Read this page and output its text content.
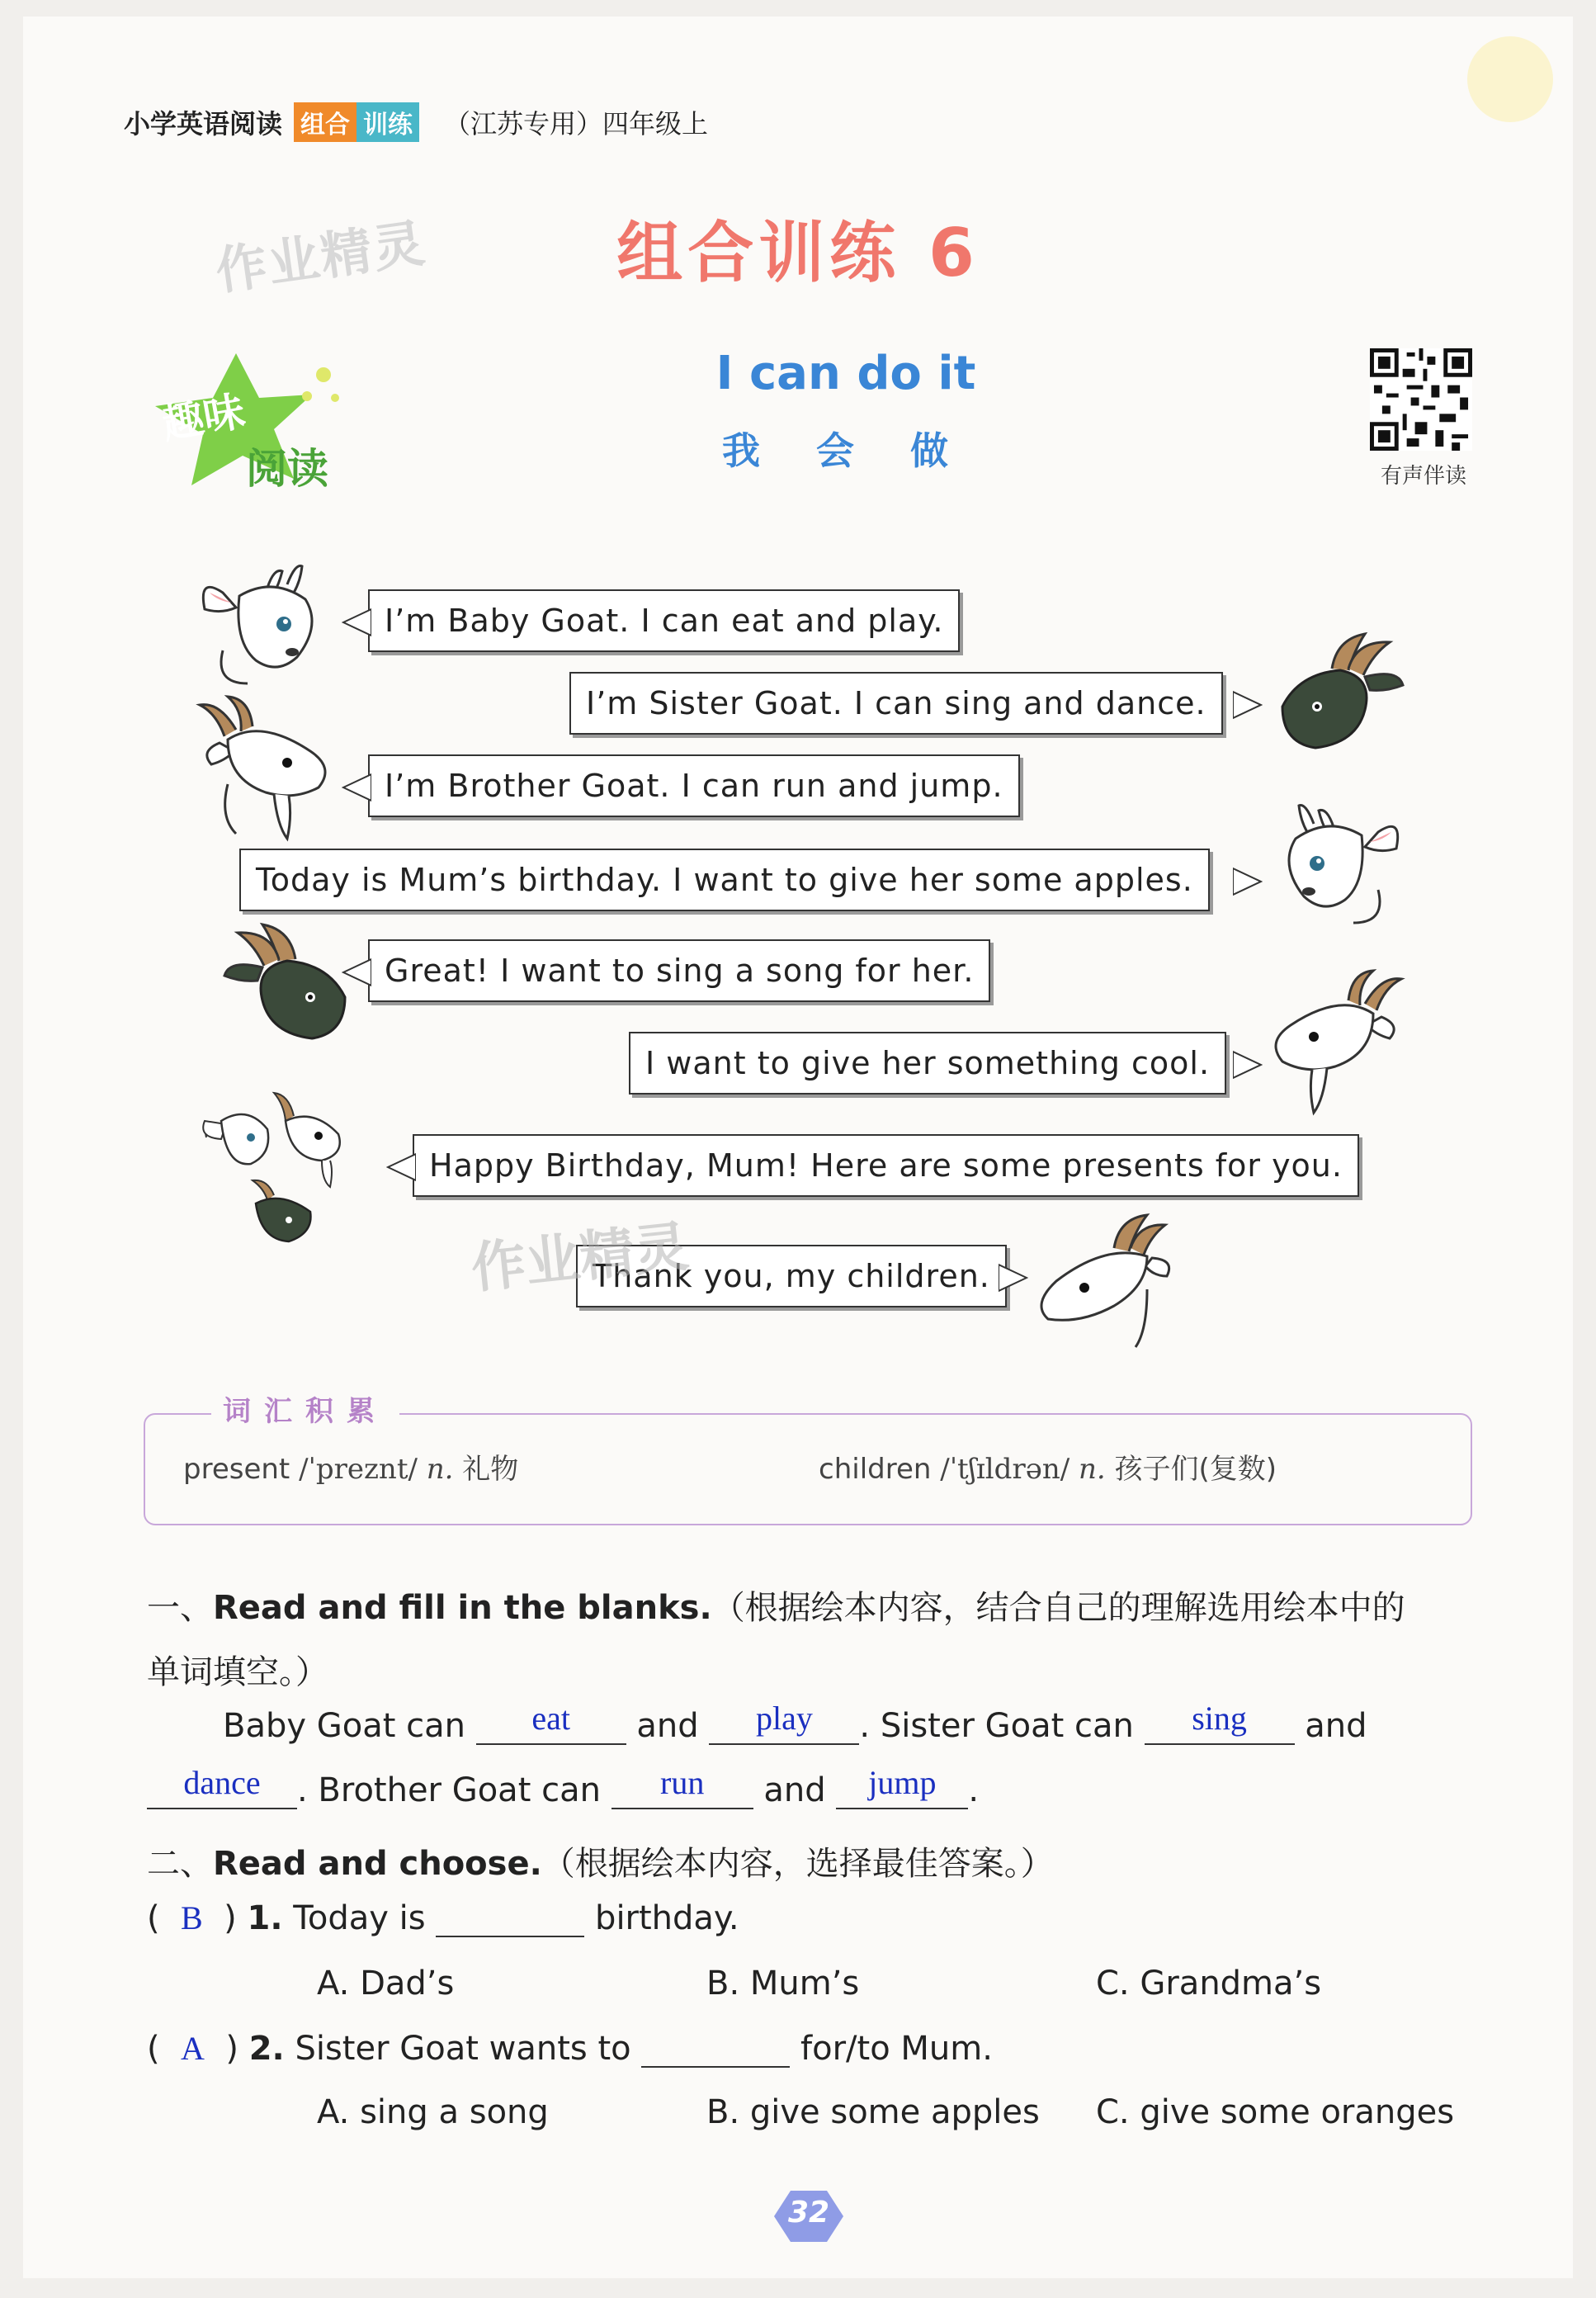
小学英语阅读 组合 训练 （江苏专用）四年级上
作业精灵	组合训练 6
趣味
阅读
I can do it
我 会 做
有声伴读
I’m Baby Goat. I can eat and play.
I’m Sister Goat. I can sing and dance.
I’m Brother Goat. I can run and jump.
Today is Mum’s birthday. I want to give her some apples.
Great! I want to sing a song for her.
I want to give her something cool.
Happy Birthday, Mum! Here are some presents for you.
Thank you, my children.
作业精灵
词汇积累
present /ˈpreznt/ n. 礼物	children /ˈtʃɪldrən/ n. 孩子们(复数)
一、Read and fill in the blanks.（根据绘本内容，结合自己的理解选用绘本中的
单词填空。）
Baby Goat can	eat	and	play	. Sister Goat can	sing	and
dance	. Brother Goat can	run	and	jump .
二、Read and choose.（根据绘本内容，选择最佳答案。）
(  B  ) 1. Today is	birthday.
A. Dad’s	B. Mum’s	C. Grandma’s
(  A  ) 2. Sister Goat wants to	for/to Mum.
A. sing a song	B. give some apples C. give some oranges
32
